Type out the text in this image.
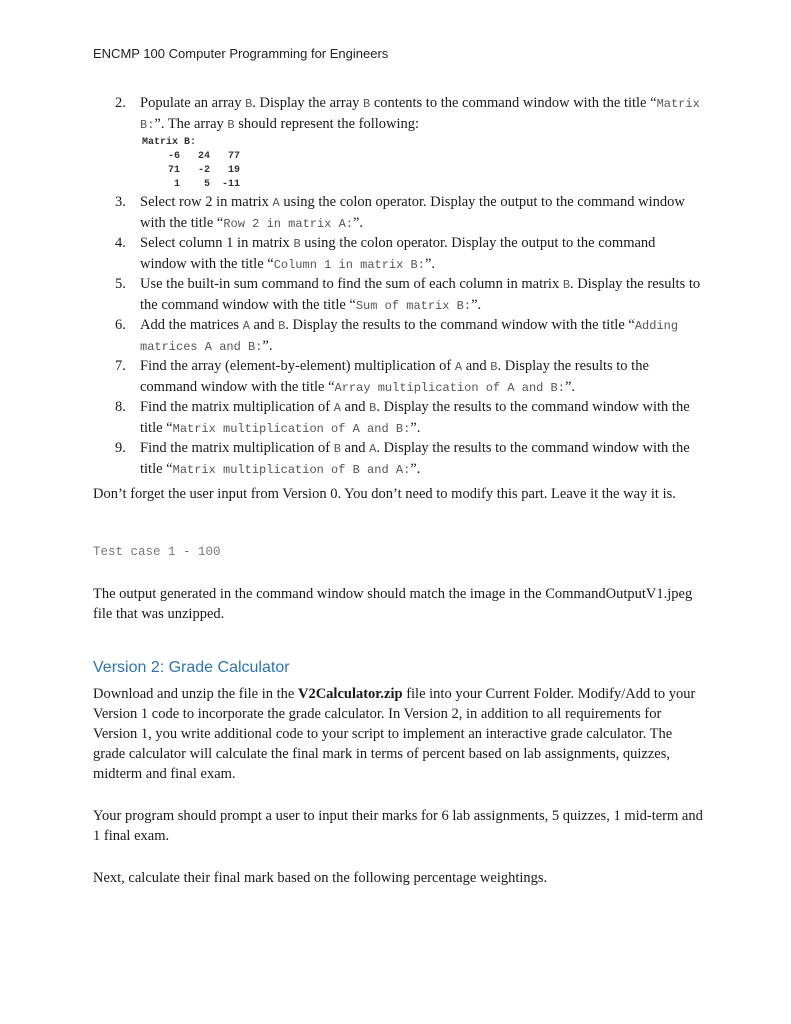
ENCMP 100 Computer Programming for Engineers
2. Populate an array B. Display the array B contents to the command window with the title “Matrix B:”. The array B should represent the following:
Matrix B:
-6	24	77
71	-2	19
1	5	-11
3. Select row 2 in matrix A using the colon operator. Display the output to the command window with the title “Row 2 in matrix A:”.
4. Select column 1 in matrix B using the colon operator. Display the output to the command window with the title “Column 1 in matrix B:”.
5. Use the built-in sum command to find the sum of each column in matrix B. Display the results to the command window with the title “Sum of matrix B:”.
6. Add the matrices A and B. Display the results to the command window with the title “Adding matrices A and B:”.
7. Find the array (element-by-element) multiplication of A and B. Display the results to the command window with the title “Array multiplication of A and B:”.
8. Find the matrix multiplication of A and B. Display the results to the command window with the title “Matrix multiplication of A and B:”.
9. Find the matrix multiplication of B and A. Display the results to the command window with the title “Matrix multiplication of B and A:”.
Don’t forget the user input from Version 0. You don’t need to modify this part. Leave it the way it is.
Test case 1 - 100
The output generated in the command window should match the image in the CommandOutputV1.jpeg file that was unzipped.
Version 2: Grade Calculator
Download and unzip the file in the V2Calculator.zip file into your Current Folder. Modify/Add to your Version 1 code to incorporate the grade calculator. In Version 2, in addition to all requirements for Version 1, you write additional code to your script to implement an interactive grade calculator. The grade calculator will calculate the final mark in terms of percent based on lab assignments, quizzes, midterm and final exam.
Your program should prompt a user to input their marks for 6 lab assignments, 5 quizzes, 1 mid-term and 1 final exam.
Next, calculate their final mark based on the following percentage weightings.
